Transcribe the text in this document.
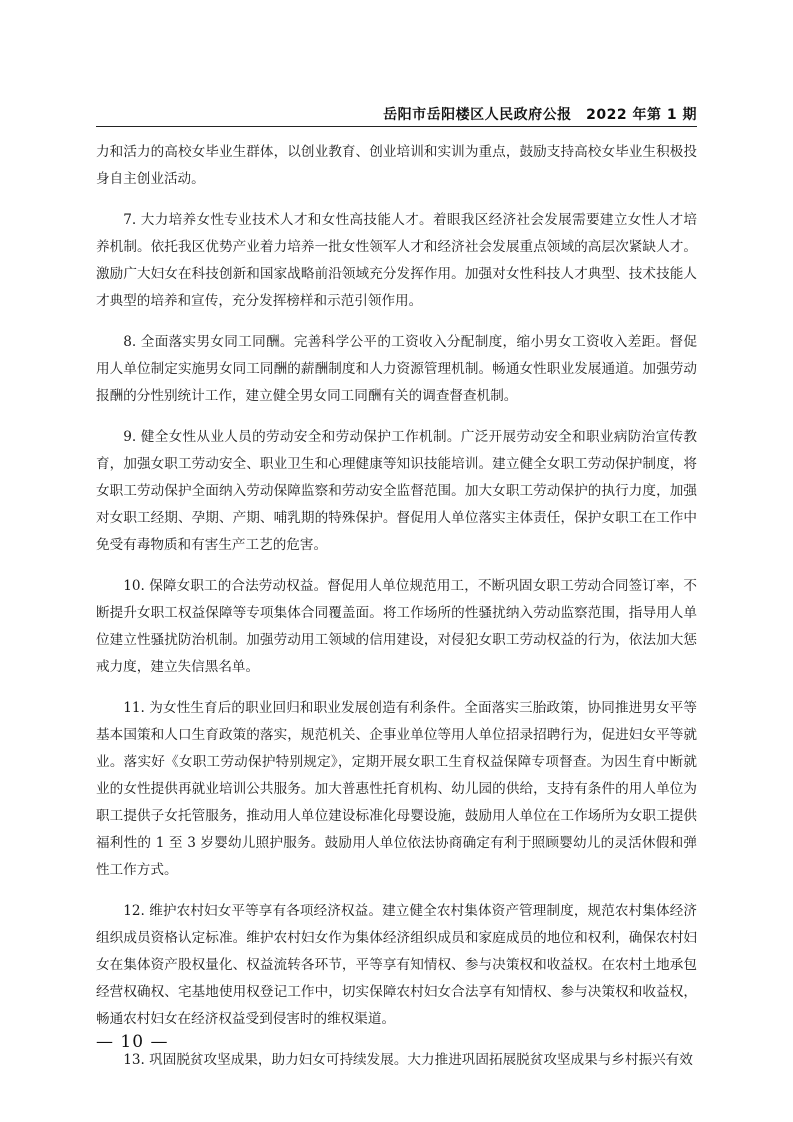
岳阳市岳阳楼区人民政府公报　2022 年第 1 期

力和活力的高校女毕业生群体，以创业教育、创业培训和实训为重点，鼓励支持高校女毕业生积极投身自主创业活动。

7. 大力培养女性专业技术人才和女性高技能人才。着眼我区经济社会发展需要建立女性人才培养机制。依托我区优势产业着力培养一批女性领军人才和经济社会发展重点领域的高层次紧缺人才。激励广大妇女在科技创新和国家战略前沿领域充分发挥作用。加强对女性科技人才典型、技术技能人才典型的培养和宣传，充分发挥榜样和示范引领作用。

8. 全面落实男女同工同酬。完善科学公平的工资收入分配制度，缩小男女工资收入差距。督促用人单位制定实施男女同工同酬的薪酬制度和人力资源管理机制。畅通女性职业发展通道。加强劳动报酬的分性别统计工作，建立健全男女同工同酬有关的调查督查机制。

9. 健全女性从业人员的劳动安全和劳动保护工作机制。广泛开展劳动安全和职业病防治宣传教育，加强女职工劳动安全、职业卫生和心理健康等知识技能培训。建立健全女职工劳动保护制度，将女职工劳动保护全面纳入劳动保障监察和劳动安全监督范围。加大女职工劳动保护的执行力度，加强对女职工经期、孕期、产期、哺乳期的特殊保护。督促用人单位落实主体责任，保护女职工在工作中免受有毒物质和有害生产工艺的危害。

10. 保障女职工的合法劳动权益。督促用人单位规范用工，不断巩固女职工劳动合同签订率，不断提升女职工权益保障等专项集体合同覆盖面。将工作场所的性骚扰纳入劳动监察范围，指导用人单位建立性骚扰防治机制。加强劳动用工领域的信用建设，对侵犯女职工劳动权益的行为，依法加大惩戒力度，建立失信黑名单。

11. 为女性生育后的职业回归和职业发展创造有利条件。全面落实三胎政策，协同推进男女平等基本国策和人口生育政策的落实，规范机关、企事业单位等用人单位招录招聘行为，促进妇女平等就业。落实好《女职工劳动保护特别规定》，定期开展女职工生育权益保障专项督查。为因生育中断就业的女性提供再就业培训公共服务。加大普惠性托育机构、幼儿园的供给，支持有条件的用人单位为职工提供子女托管服务，推动用人单位建设标准化母婴设施，鼓励用人单位在工作场所为女职工提供福利性的 1 至 3 岁婴幼儿照护服务。鼓励用人单位依法协商确定有利于照顾婴幼儿的灵活休假和弹性工作方式。

12. 维护农村妇女平等享有各项经济权益。建立健全农村集体资产管理制度，规范农村集体经济组织成员资格认定标准。维护农村妇女作为集体经济组织成员和家庭成员的地位和权利，确保农村妇女在集体资产股权量化、权益流转各环节，平等享有知情权、参与决策权和收益权。在农村土地承包经营权确权、宅基地使用权登记工作中，切实保障农村妇女合法享有知情权、参与决策权和收益权，畅通农村妇女在经济权益受到侵害时的维权渠道。

13. 巩固脱贫攻坚成果，助力妇女可持续发展。大力推进巩固拓展脱贫攻坚成果与乡村振兴有效

— 10 —
